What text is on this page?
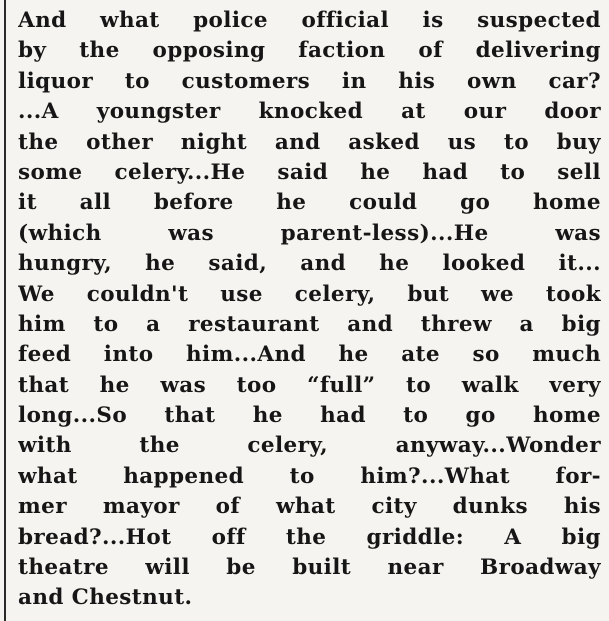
And what police official is suspected
by the opposing faction of delivering
liquor to customers in his own car?
...A youngster knocked at our door
the other night and asked us to buy
some celery...He said he had to sell
it all before he could go home
(which was parent-less)...He was
hungry, he said, and he looked it...
We couldn't use celery, but we took
him to a restaurant and threw a big
feed into him...And he ate so much
that he was too “full” to walk very
long...So that he had to go home
with the celery, anyway...Wonder
what happened to him?...What for-
mer mayor of what city dunks his
bread?...Hot off the griddle: A big
theatre will be built near Broadway
and Chestnut.
